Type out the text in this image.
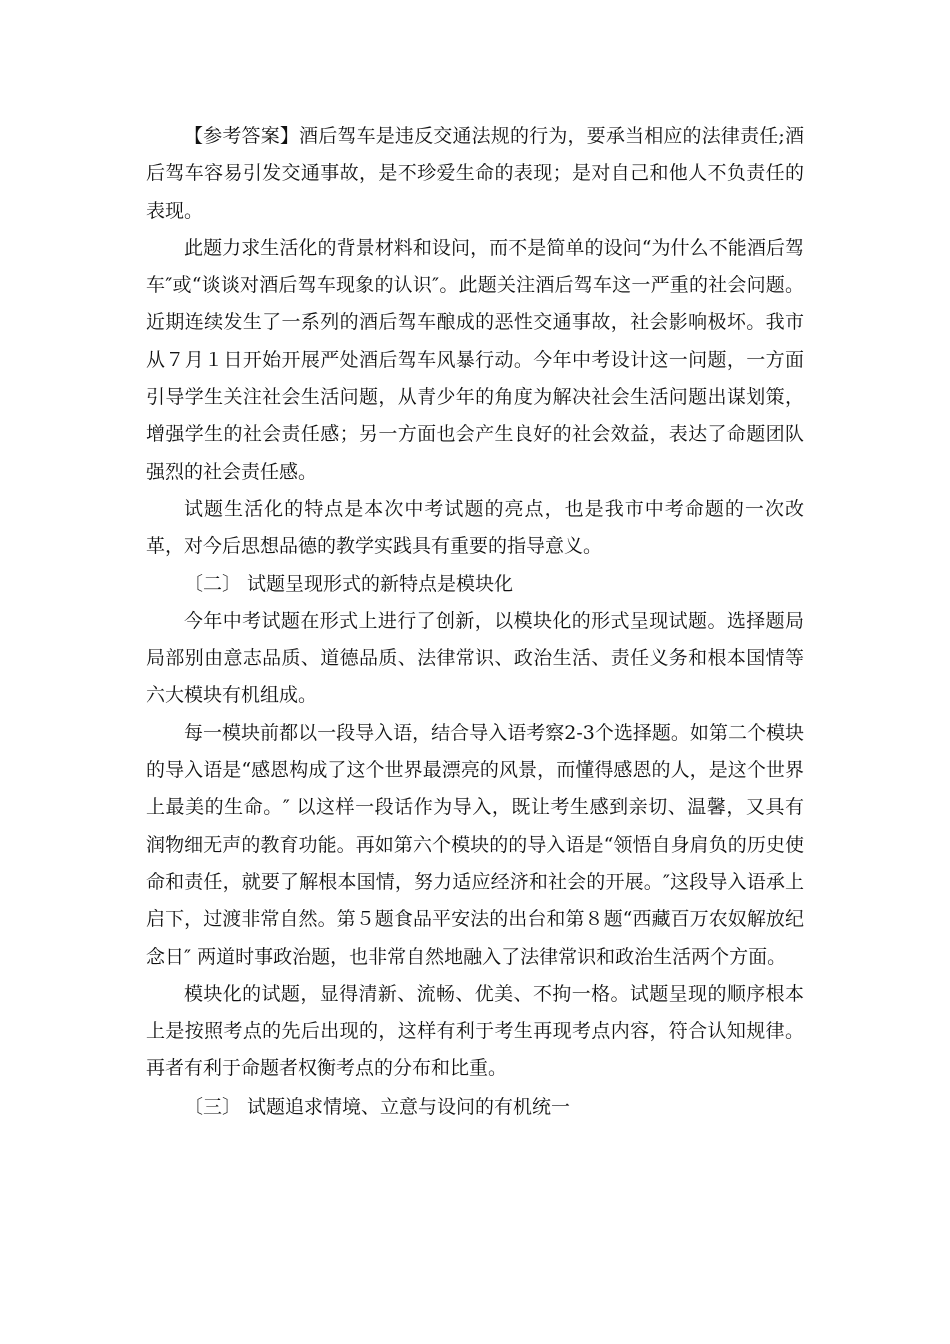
【参考答案】酒后驾车是违反交通法规的行为，要承当相应的法律责任;酒后驾车容易引发交通事故，是不珍爱生命的表现；是对自己和他人不负责任的表现。

此题力求生活化的背景材料和设问，而不是简单的设问“为什么不能酒后驾车″或“谈谈对酒后驾车现象的认识″。此题关注酒后驾车这一严重的社会问题。近期连续发生了一系列的酒后驾车酿成的恶性交通事故，社会影响极坏。我市从７月１日开始开展严处酒后驾车风暴行动。今年中考设计这一问题，一方面引导学生关注社会生活问题，从青少年的角度为解决社会生活问题出谋划策，增强学生的社会责任感；另一方面也会产生良好的社会效益，表达了命题团队强烈的社会责任感。

试题生活化的特点是本次中考试题的亮点，也是我市中考命题的一次改革，对今后思想品德的教学实践具有重要的指导意义。

〔二〕 试题呈现形式的新特点是模块化

今年中考试题在形式上进行了创新，以模块化的形式呈现试题。选择题局局部别由意志品质、道德品质、法律常识、政治生活、责任义务和根本国情等六大模块有机组成。

每一模块前都以一段导入语，结合导入语考察2-3个选择题。如第二个模块的导入语是“感恩构成了这个世界最漂亮的风景，而懂得感恩的人，是这个世界上最美的生命。″ 以这样一段话作为导入，既让考生感到亲切、温馨，又具有润物细无声的教育功能。再如第六个模块的的导入语是“领悟自身肩负的历史使命和责任，就要了解根本国情，努力适应经济和社会的开展。″这段导入语承上启下，过渡非常自然。第５题食品平安法的出台和第８题“西藏百万农奴解放纪念日″ 两道时事政治题，也非常自然地融入了法律常识和政治生活两个方面。

模块化的试题，显得清新、流畅、优美、不拘一格。试题呈现的顺序根本上是按照考点的先后出现的，这样有利于考生再现考点内容，符合认知规律。再者有利于命题者权衡考点的分布和比重。

〔三〕 试题追求情境、立意与设问的有机统一
